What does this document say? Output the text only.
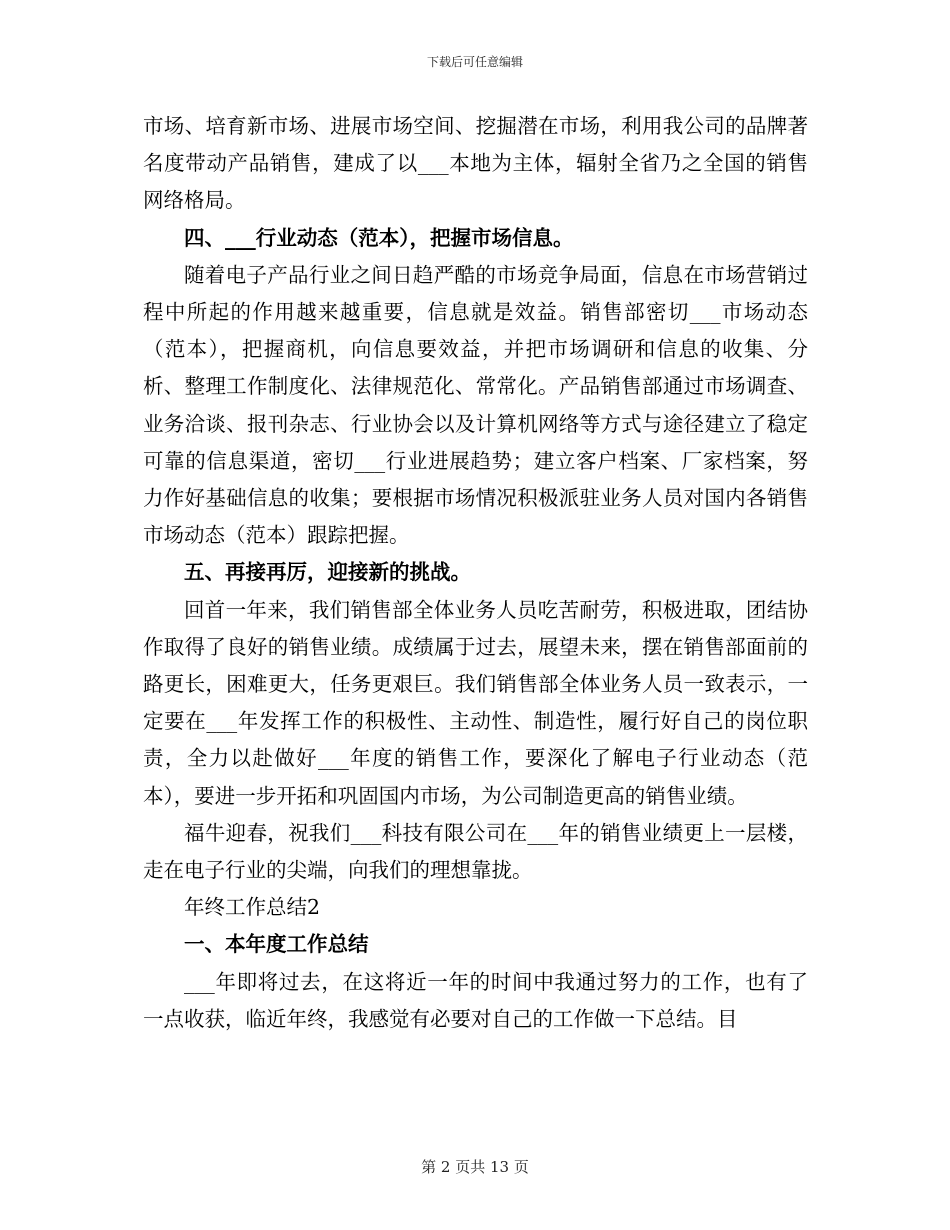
下载后可任意编辑

市场、培育新市场、进展市场空间、挖掘潜在市场，利用我公司的品牌著名度带动产品销售，建成了以___本地为主体，辐射全省乃之全国的销售网络格局。

四、___行业动态（范本），把握市场信息。

随着电子产品行业之间日趋严酷的市场竞争局面，信息在市场营销过程中所起的作用越来越重要，信息就是效益。销售部密切___市场动态（范本），把握商机，向信息要效益，并把市场调研和信息的收集、分析、整理工作制度化、法律规范化、常常化。产品销售部通过市场调查、业务洽谈、报刊杂志、行业协会以及计算机网络等方式与途径建立了稳定可靠的信息渠道，密切___行业进展趋势；建立客户档案、厂家档案，努力作好基础信息的收集；要根据市场情况积极派驻业务人员对国内各销售市场动态（范本）跟踪把握。

五、再接再厉，迎接新的挑战。

回首一年来，我们销售部全体业务人员吃苦耐劳，积极进取，团结协作取得了良好的销售业绩。成绩属于过去，展望未来，摆在销售部面前的路更长，困难更大，任务更艰巨。我们销售部全体业务人员一致表示，一定要在___年发挥工作的积极性、主动性、制造性，履行好自己的岗位职责，全力以赴做好___年度的销售工作，要深化了解电子行业动态（范本），要进一步开拓和巩固国内市场，为公司制造更高的销售业绩。

福牛迎春，祝我们___科技有限公司在___年的销售业绩更上一层楼，走在电子行业的尖端，向我们的理想靠拢。

年终工作总结2

一、本年度工作总结

___年即将过去，在这将近一年的时间中我通过努力的工作，也有了一点收获，临近年终，我感觉有必要对自己的工作做一下总结。目

第 2 页共 13 页
